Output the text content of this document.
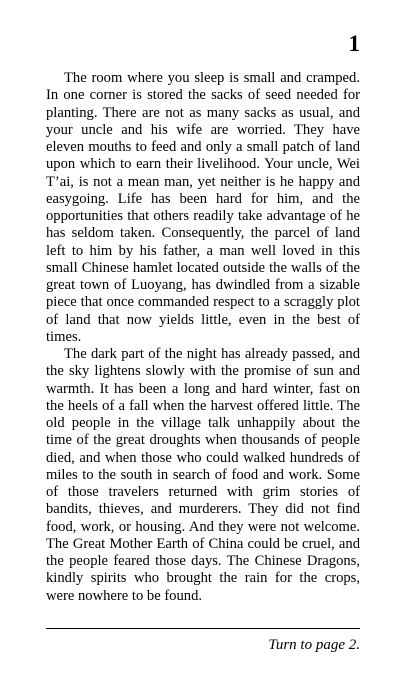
1

The room where you sleep is small and cramped. In one corner is stored the sacks of seed needed for planting. There are not as many sacks as usual, and your uncle and his wife are worried. They have eleven mouths to feed and only a small patch of land upon which to earn their livelihood. Your uncle, Wei T’ai, is not a mean man, yet neither is he happy and easygoing. Life has been hard for him, and the opportunities that others readily take advantage of he has seldom taken. Consequently, the parcel of land left to him by his father, a man well loved in this small Chinese hamlet located outside the walls of the great town of Luoyang, has dwindled from a sizable piece that once commanded respect to a scraggly plot of land that now yields little, even in the best of times.

The dark part of the night has already passed, and the sky lightens slowly with the promise of sun and warmth. It has been a long and hard winter, fast on the heels of a fall when the harvest offered little. The old people in the village talk unhappily about the time of the great droughts when thousands of people died, and when those who could walked hundreds of miles to the south in search of food and work. Some of those travelers returned with grim stories of bandits, thieves, and murderers. They did not find food, work, or housing. And they were not welcome. The Great Mother Earth of China could be cruel, and the people feared those days. The Chinese Dragons, kindly spirits who brought the rain for the crops, were nowhere to be found.

Turn to page 2.
